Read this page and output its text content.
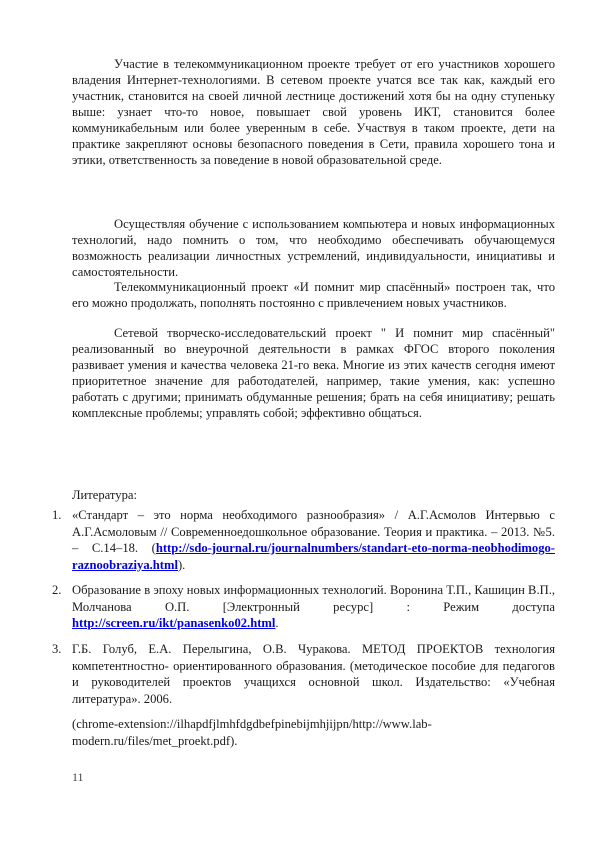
Участие в телекоммуникационном проекте требует от его участников хорошего владения Интернет-технологиями. В сетевом проекте учатся все так как, каждый его участник, становится на своей личной лестнице достижений хотя бы на одну ступеньку выше: узнает что-то новое, повышает свой уровень ИКТ, становится более коммуникабельным или более уверенным в себе. Участвуя в таком проекте, дети на практике закрепляют основы безопасного поведения в Сети, правила хорошего тона и этики, ответственность за поведение в новой образовательной среде.

Осуществляя обучение с использованием компьютера и новых информационных технологий, надо помнить о том, что необходимо обеспечивать обучающемуся возможность реализации личностных устремлений, индивидуальности, инициативы и самостоятельности.

Телекоммуникационный проект «И помнит мир спасённый» построен так, что его можно продолжать, пополнять постоянно с привлечением новых участников.

Сетевой творческо-исследовательский проект " И помнит мир спасённый" реализованный во внеурочной деятельности в рамках ФГОС второго поколения развивает умения и качества человека 21-го века. Многие из этих качеств сегодня имеют приоритетное значение для работодателей, например, такие умения, как: успешно работать с другими; принимать обдуманные решения; брать на себя инициативу; решать комплексные проблемы; управлять собой; эффективно общаться.

Литература:

1. «Стандарт – это норма необходимого разнообразия» / А.Г.Асмолов Интервью с А.Г.Асмоловым // Современноедошкольное образование. Теория и практика. – 2013. №5. – С.14–18. (http://sdo-journal.ru/journalnumbers/standart-eto-norma-neobhodimogo-raznoobraziya.html).
2. Образование в эпоху новых информационных технологий. Воронина Т.П., Кашицин В.П., Молчанова О.П. [Электронный ресурс] : Режим доступа http://screen.ru/ikt/panasenko02.html.
3. Г.Б. Голуб, Е.А. Перелыгина, О.В. Чуракова. МЕТОД ПРОЕКТОВ технология компетентностно- ориентированного образования. (методическое пособие для педагогов и руководителей проектов учащихся основной школ. Издательство: «Учебная литература». 2006.
(chrome-extension://ilhapdfjlmhfdgdbefpinebijmhjijpn/http://www.lab-modern.ru/files/met_proekt.pdf).
11
